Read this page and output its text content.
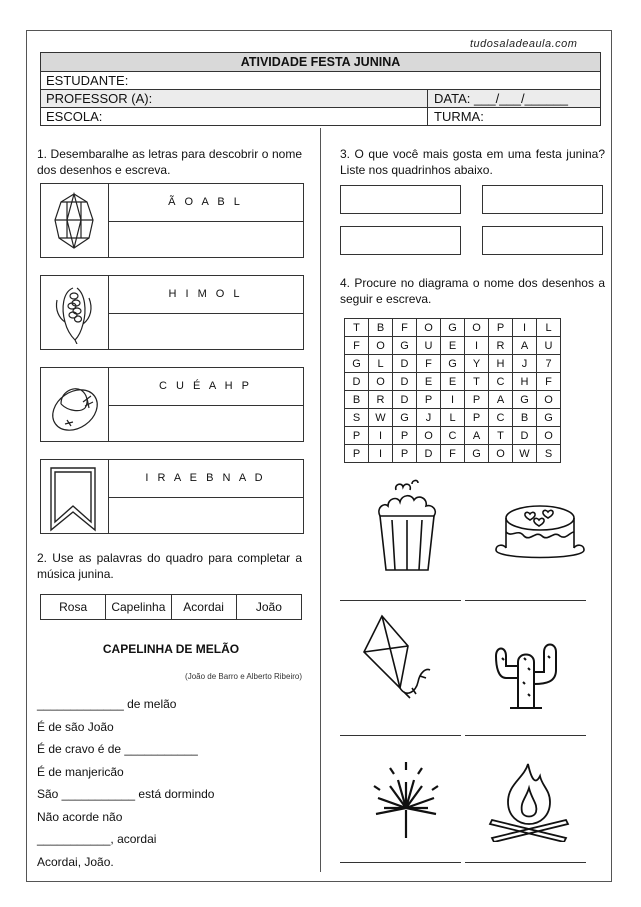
tudosaladeaula.com
ATIVIDADE FESTA JUNINA
ESTUDANTE:
PROFESSOR (A):	DATA: ___/___/______
ESCOLA:	TURMA:
1. Desembaralhe as letras para descobrir o nome dos desenhos e escreva.
Ã O A B L
H I M O L
C U É A H P
I R A E B N A D
2. Use as palavras do quadro para completar a música junina.
Rosa	Capelinha	Acordai	João
CAPELINHA DE MELÃO
(João de Barro e Alberto Ribeiro)
_____________ de melão
É de são João
É de cravo é de ___________
É de manjericão
São ___________ está dormindo
Não acorde não
___________, acordai
Acordai, João.
3. O que você mais gosta em uma festa junina? Liste nos quadrinhos abaixo.
4. Procure no diagrama o nome dos desenhos a seguir e escreva.
T	B	F	O	G	O	P	I	L
F	O	G	U	E	I	R	A	U
G	L	D	F	G	Y	H	J	7
D	O	D	E	E	T	C	H	F
B	R	D	P	I	P	A	G	O
S	W	G	J	L	P	C	B	G
P	I	P	O	C	A	T	D	O
P	I	P	D	F	G	O	W	S
